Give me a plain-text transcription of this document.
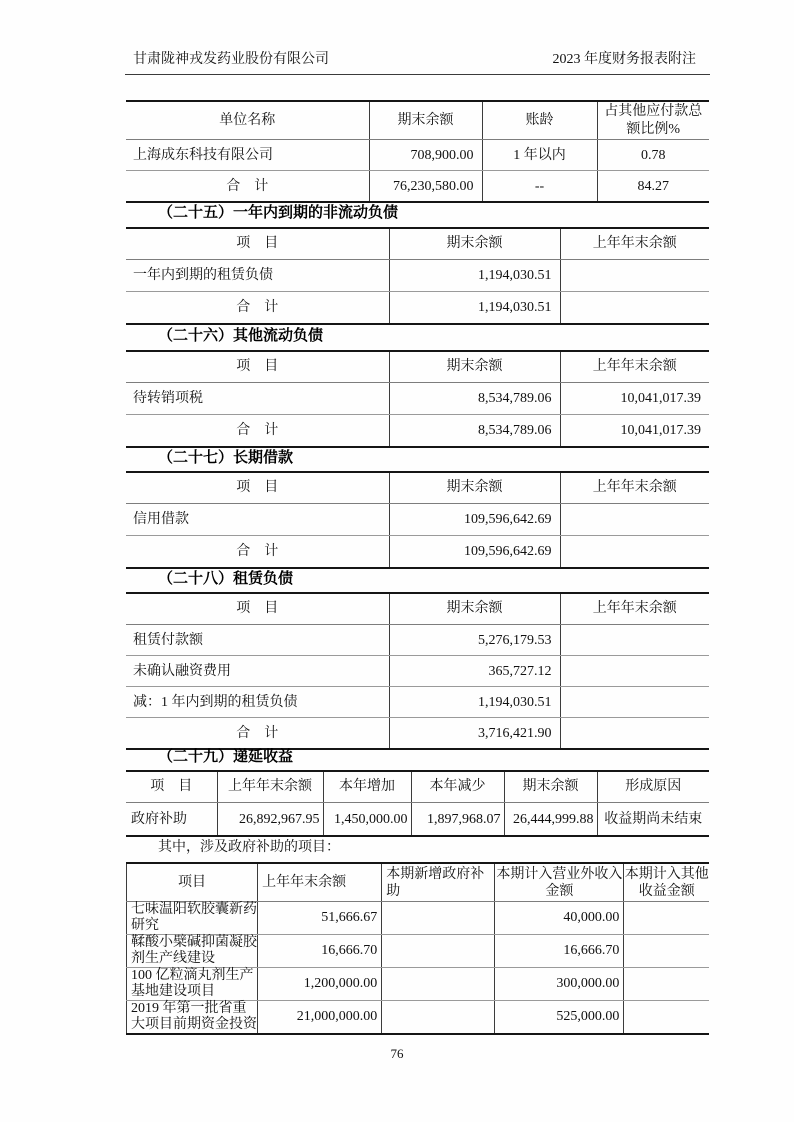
甘肃陇神戎发药业股份有限公司	2023 年度财务报表附注
单位名称	期末余额	账龄	占其他应付款总额比例%
上海成东科技有限公司	708,900.00	1 年以内	0.78
合　计	76,230,580.00	--	84.27
（二十五）一年内到期的非流动负债
项　目	期末余额	上年年末余额
一年内到期的租赁负债	1,194,030.51	
合　计	1,194,030.51	
（二十六）其他流动负债
项　目	期末余额	上年年末余额
待转销项税	8,534,789.06	10,041,017.39
合　计	8,534,789.06	10,041,017.39
（二十七）长期借款
项　目	期末余额	上年年末余额
信用借款	109,596,642.69	
合　计	109,596,642.69	
（二十八）租赁负债
项　目	期末余额	上年年末余额
租赁付款额	5,276,179.53	
未确认融资费用	365,727.12	
减：1 年内到期的租赁负债	1,194,030.51	
合　计	3,716,421.90	
（二十九）递延收益
项　目	上年年末余额	本年增加	本年减少	期末余额	形成原因
政府补助	26,892,967.95	1,450,000.00	1,897,968.07	26,444,999.88	收益期尚未结束
其中，涉及政府补助的项目：
项目	上年年末余额	本期新增政府补助	本期计入营业外收入金额	本期计入其他收益金额
七味温阳软胶囊新药研究	51,666.67		40,000.00	
鞣酸小檗碱抑菌凝胶剂生产线建设	16,666.70		16,666.70	
100 亿粒滴丸剂生产基地建设项目	1,200,000.00		300,000.00	
2019 年第一批省重大项目前期资金投资	21,000,000.00		525,000.00	
76
